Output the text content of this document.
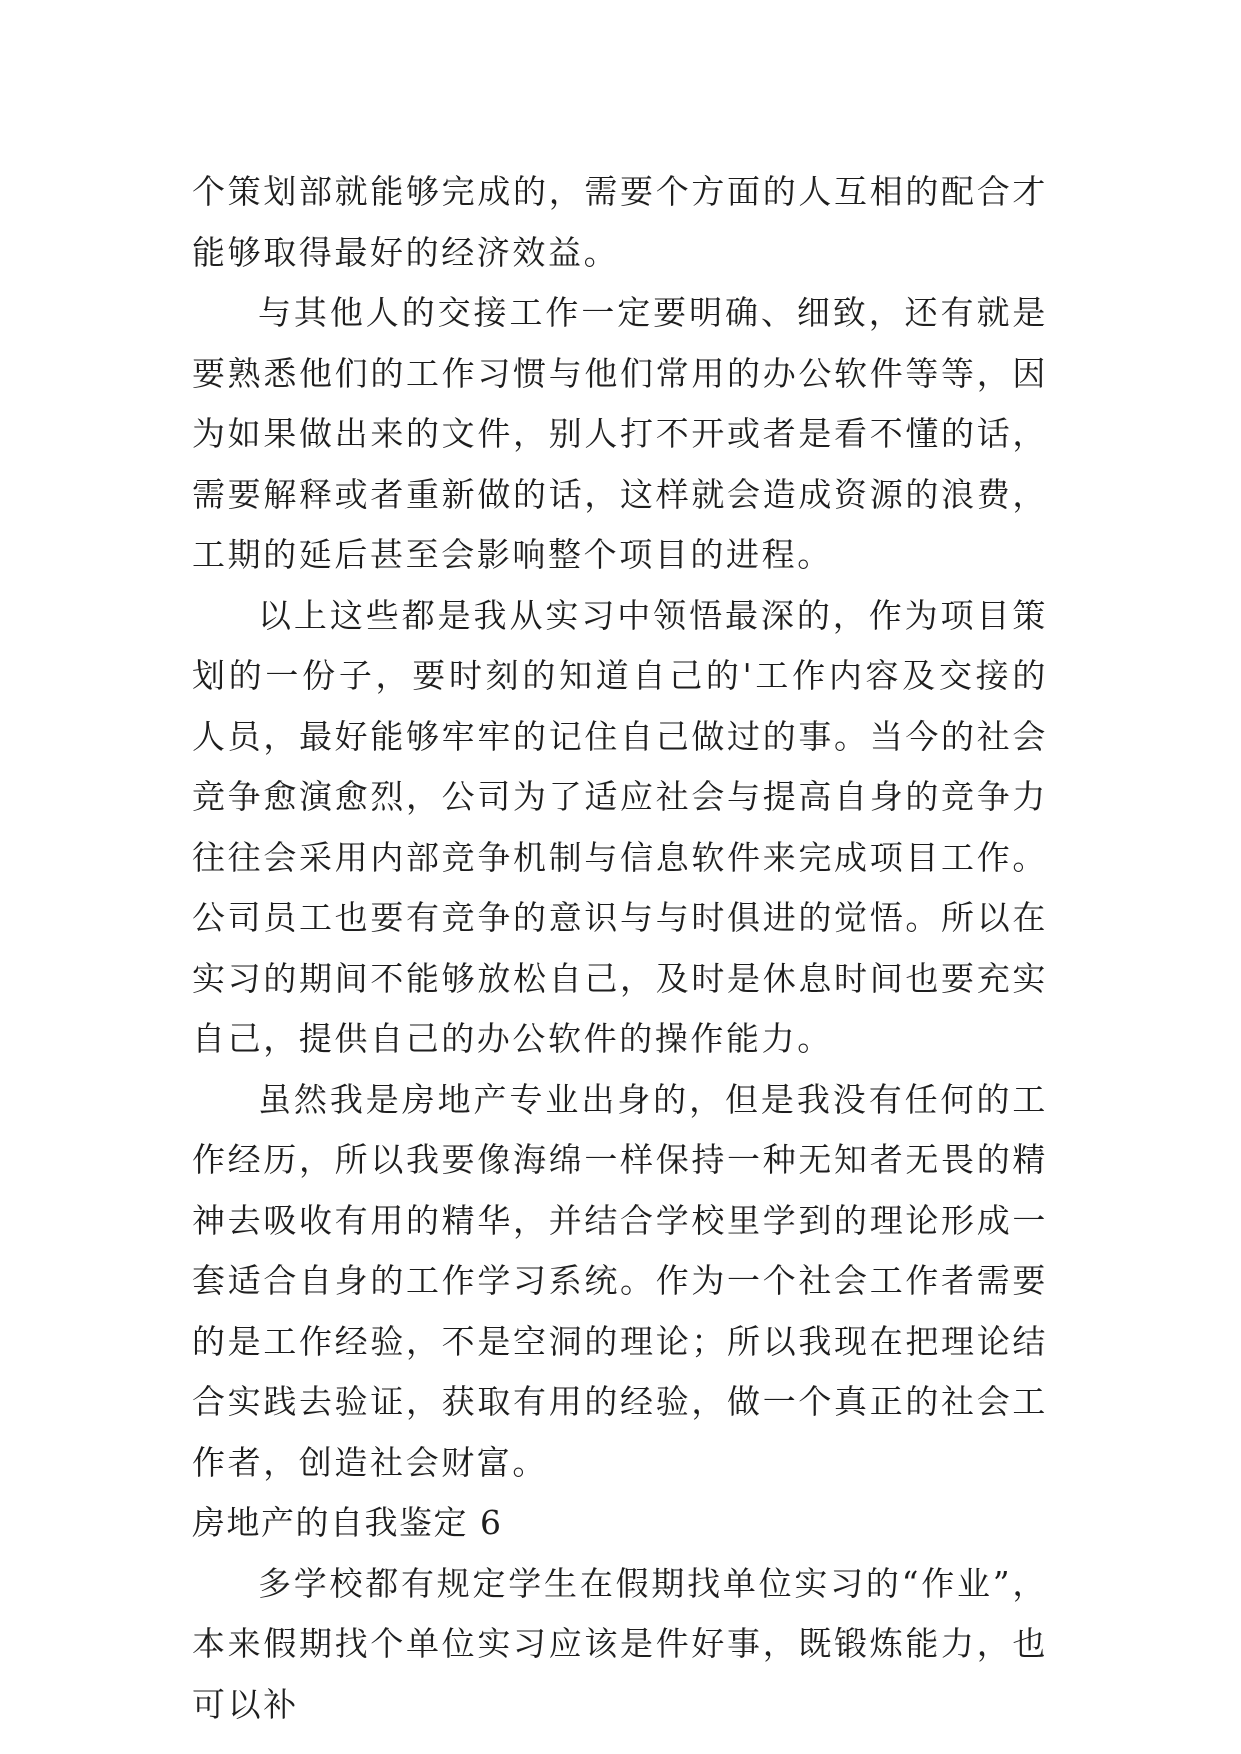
个策划部就能够完成的，需要个方面的人互相的配合才能够取得最好的经济效益。

与其他人的交接工作一定要明确、细致，还有就是要熟悉他们的工作习惯与他们常用的办公软件等等，因为如果做出来的文件，别人打不开或者是看不懂的话，需要解释或者重新做的话，这样就会造成资源的浪费，工期的延后甚至会影响整个项目的进程。

以上这些都是我从实习中领悟最深的，作为项目策划的一份子，要时刻的知道自己的'工作内容及交接的人员，最好能够牢牢的记住自己做过的事。当今的社会竞争愈演愈烈，公司为了适应社会与提高自身的竞争力往往会采用内部竞争机制与信息软件来完成项目工作。公司员工也要有竞争的意识与与时俱进的觉悟。所以在实习的期间不能够放松自己，及时是休息时间也要充实自己，提供自己的办公软件的操作能力。

虽然我是房地产专业出身的，但是我没有任何的工作经历，所以我要像海绵一样保持一种无知者无畏的精神去吸收有用的精华，并结合学校里学到的理论形成一套适合自身的工作学习系统。作为一个社会工作者需要的是工作经验，不是空洞的理论；所以我现在把理论结合实践去验证，获取有用的经验，做一个真正的社会工作者，创造社会财富。

房地产的自我鉴定 6

多学校都有规定学生在假期找单位实习的“作业”，本来假期找个单位实习应该是件好事，既锻炼能力，也可以补
